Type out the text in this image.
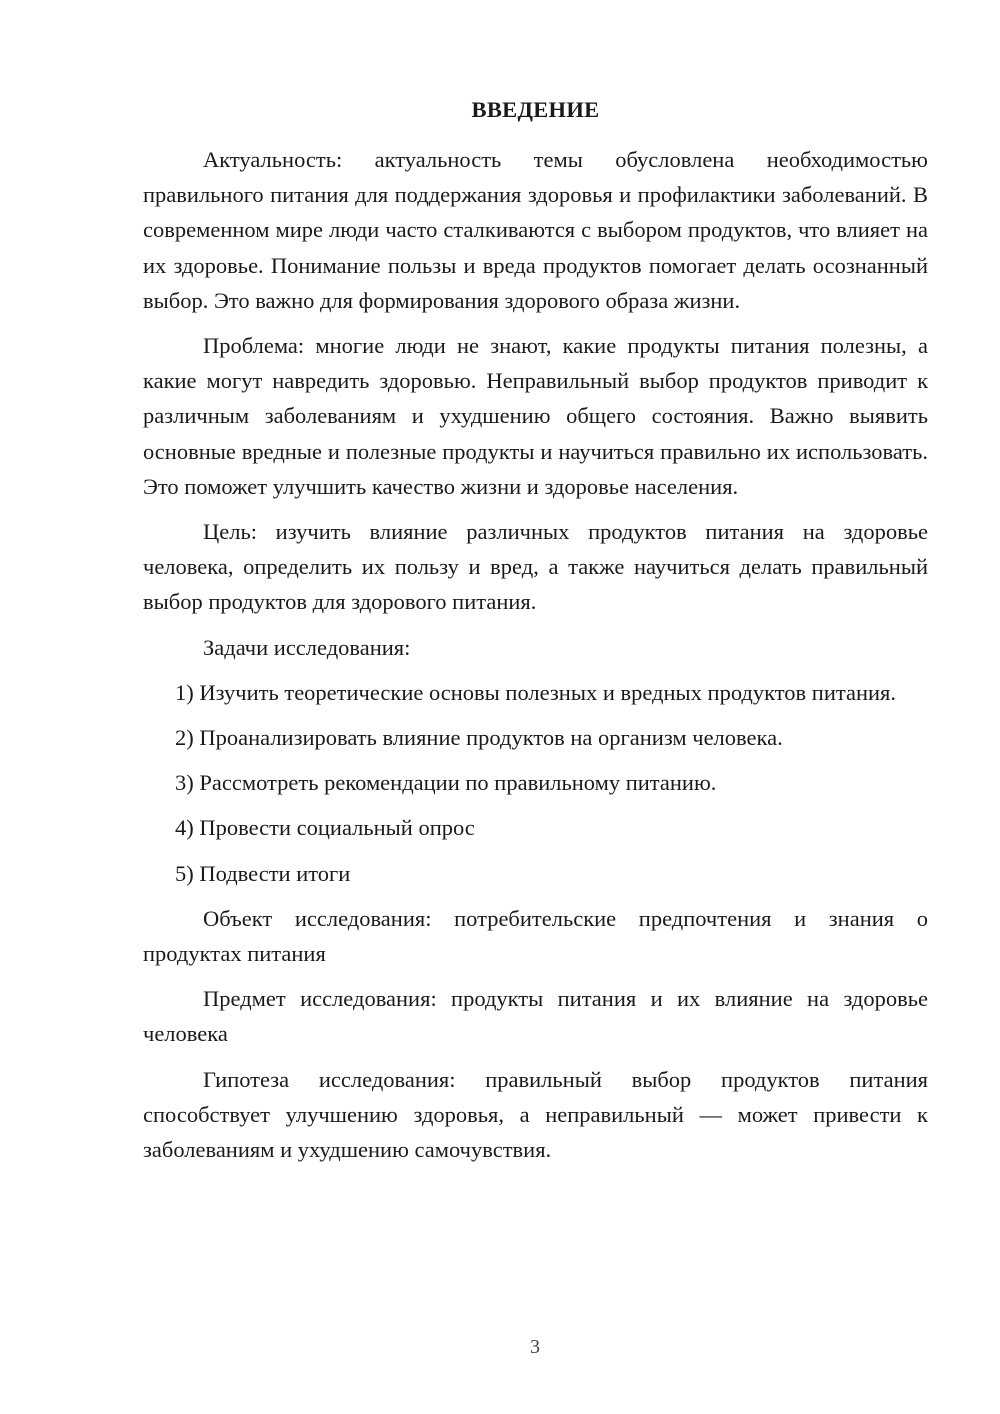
ВВЕДЕНИЕ

Актуальность: актуальность темы обусловлена необходимостью правильного питания для поддержания здоровья и профилактики заболеваний. В современном мире люди часто сталкиваются с выбором продуктов, что влияет на их здоровье. Понимание пользы и вреда продуктов помогает делать осознанный выбор. Это важно для формирования здорового образа жизни.

Проблема: многие люди не знают, какие продукты питания полезны, а какие могут навредить здоровью. Неправильный выбор продуктов приводит к различным заболеваниям и ухудшению общего состояния. Важно выявить основные вредные и полезные продукты и научиться правильно их использовать. Это поможет улучшить качество жизни и здоровье населения.

Цель: изучить влияние различных продуктов питания на здоровье человека, определить их пользу и вред, а также научиться делать правильный выбор продуктов для здорового питания.

Задачи исследования:

1) Изучить теоретические основы полезных и вредных продуктов питания.

2) Проанализировать влияние продуктов на организм человека.

3) Рассмотреть рекомендации по правильному питанию.

4) Провести социальный опрос

5) Подвести итоги

Объект исследования: потребительские предпочтения и знания о продуктах питания

Предмет исследования: продукты питания и их влияние на здоровье человека

Гипотеза исследования: правильный выбор продуктов питания способствует улучшению здоровья, а неправильный — может привести к заболеваниям и ухудшению самочувствия.

3
